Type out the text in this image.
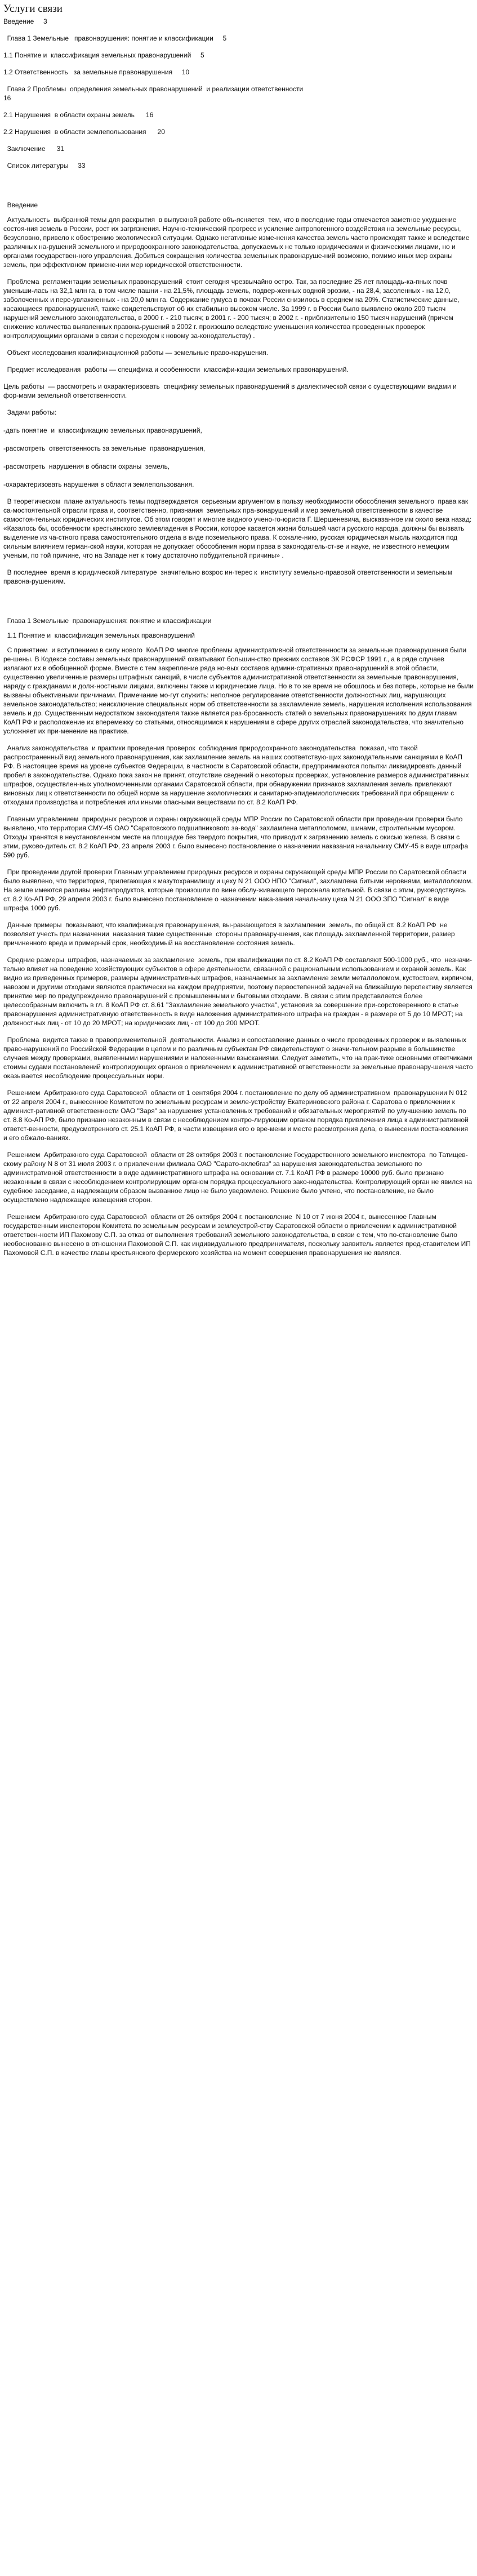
Услуги связи

Введение     3

Глава 1 Земельные   правонарушения: понятие и классификации     5

1.1 Понятие и  классификация земельных правонарушений     5

1.2 Ответственность   за земельные правонарушения     10

Глава 2 Проблемы  определения земельных правонарушений  и реализации ответственности
16

2.1 Нарушения  в области охраны земель      16

2.2 Нарушения  в области землепользования      20

Заключение      31

Список литературы     33

Введение

Актуальность  выбранной темы для раскрытия  в выпускной работе объ-ясняется  тем, что в последние годы отмечается заметное ухудшение состоя-ния земель в России, рост их загрязнения. Научно-технический прогресс и усиление антропогенного воздействия на земельные ресурсы, безусловно, привело к обострению экологической ситуации. Однако негативные изме-нения качества земель часто происходят также и вследствие различных на-рушений земельного и природоохранного законодательства, допускаемых не только юридическими и физическими лицами, но и органами государствен-ного управления. Добиться сокращения количества земельных правонаруше-ний возможно, помимо иных мер охраны земель, при эффективном примене-нии мер юридической ответственности.

Проблема  регламентации земельных правонарушений  стоит сегодня чрезвычайно остро. Так, за последние 25 лет площадь-ка-пных почв уменьши-лась на 32,1 млн га, в том числе пашни - на 21,5%, площадь земель, подвер-женных водной эрозии, - на 28,4, засоленных - на 12,0, заболоченных и пере-увлажненных - на 20,0 млн га. Содержание гумуса в почвах России снизилось в среднем на 20%. Статистические данные, касающиеся правонарушений, также свидетельствуют об их стабильно высоком числе. За 1999 г. в России было выявлено около 200 тысяч нарушений земельного законодательства, в 2000 г. - 210 тысяч; в 2001 г. - 200 тысяч; в 2002 г. - приблизительно 150 тысяч нарушений (причем снижение количества выявленных правона-рушений в 2002 г. произошло вследствие уменьшения количества проведенных проверок контролирующими органами в связи с переходом к новому за-конодательству) .

Объект исследования квалификационной работы — земельные право-нарушения.

Предмет исследования  работы — специфика и особенности  классифи-кации земельных правонарушений.

Цель работы  — рассмотреть и охарактеризовать  специфику земельных правонарушений в диалектической связи с существующими видами и фор-мами земельной ответственности.

Задачи работы:

-дать понятие  и  классификацию земельных правонарушений,

-рассмотреть  ответственность за земельные  правонарушения,

-рассмотреть  нарушения в области охраны  земель,

-охарактеризовать нарушения в области землепользования.

В теоретическом  плане актуальность темы подтверждается  серьезным аргументом в пользу необходимости обособления земельного  права как са-мостоятельной отрасли права и, соответственно, признания  земельных пра-вонарушений и мер земельной ответственности в качестве самостоя-тельных юридических институтов. Об этом говорят и многие видного учено-го-юриста Г. Шершеневича, высказанное им около века назад: «Казалось бы, особенности крестьянского землевладения в России, которое касается жизни большей части русского народа, должны бы вызвать выделение из ча-стного права самостоятельного отдела в виде поземельного права. К сожале-нию, русская юридическая мысль находится под сильным влиянием герман-ской науки, которая не допускает обособления норм права в законодатель-ст-ве и науке, не известного немецким ученым, по той причине, что на Западе нет к тому достаточно побудительной причины» .

В последнее  время в юридической литературе  значительно возрос ин-терес к  институту земельно-правовой ответственности и земельным правона-рушениям.

Глава 1 Земельные  правонарушения: понятие и классификации

1.1 Понятие и  классификация земельных правонарушений

С принятием  и вступлением в силу нового  КоАП РФ многие проблемы административной ответственности за земельные правонарушения были ре-шены. В Кодексе составы земельных правонарушений охватывают большин-ство прежних составов ЗК РСФСР 1991 г., а в ряде случаев излагают их в обобщенной форме. Вместе с тем закрепление ряда но-вых составов админи-стративных правонарушений в этой области, существенно увеличенные размеры штрафных санкций, в числе субъектов административной ответственности за земельные правонарушения, наряду с гражданами и долж-ностными лицами, включены также и юридические лица. Но в то же время не обошлось и без потерь, которые не были вызваны объективными причинами. Примечание мо-гут служить: неполное регулирование ответственности должностных лиц, нарушающих земельное законодательство; неисключение специальных норм об ответственности за захламление земель, нарушения исполнения использования земель и др. Существенным недостатком законодателя также является раз-бросанность статей о земельных правонарушениях по двум главам КоАП РФ и расположение их вперемежку со статьями, относящимися к нарушениям в сфере других отраслей законодательства, что значительно усложняет их при-менение на практике.

Анализ законодательства  и практики проведения проверок  соблюдения природоохранного законодательства  показал, что такой распространенный вид земельного правонарушения, как захламление земель на наших соответствую-щих законодательными санкциями в КоАП РФ. В настоящее время на уровне субъектов Федерации, в частности в Саратовской области, предпринимаются попытки ликвидировать данный пробел в законодательстве. Однако пока закон не принят, отсутствие сведений о некоторых проверках, установление размеров административных штрафов, осуществлен-ных уполномоченными органами Саратовской области, при обнаружении признаков захламления земель привлекают виновных лиц к ответственности по общей норме за нарушение экологических и санитарно-эпидемиологических требований при обращении с отходами производства и потребления или иными опасными веществами по ст. 8.2 КоАП РФ.

Главным управлением  природных ресурсов и охраны окружающей среды МПР России по Саратовской области при проведении проверки было выявлено, что территория СМУ-45 ОАО "Саратовского подшипникового за-вода" захламлена металлоломом, шинами, строительным мусором. Отходы хранятся в неустановленном месте на площадке без твердого покрытия, что приводит к загрязнению земель с окисью железа. В связи с этим, руково-дитель ст. 8.2 КоАП РФ, 23 апреля 2003 г. было вынесено постановление о назначении наказания начальнику СМУ-45 в виде штрафа 590 руб.

При проведении другой проверки Главным управлением природных ресурсов и охраны окружающей среды МПР России по Саратовской области было выявлено, что территория, прилегающая к мазутохранилищу и цеху N 21 ООО НПО "Сигнал", захламлена битыми неровнями, металлоломом. На земле имеются разливы нефтепродуктов, которые произошли по вине обслу-живающего персонала котельной. В связи с этим, руководствуясь ст. 8.2 Ко-АП РФ, 29 апреля 2003 г. было вынесено постановление о назначении нака-зания начальнику цеха N 21 ООО ЗПО "Сигнал" в виде штрафа 1000 руб.

Данные примеры  показывают, что квалификация правонарушения, вы-ражающегося в захламлении  земель, по общей ст. 8.2 КоАП РФ  не позволяет учесть при назначении  наказания такие существенные  стороны правонару-шения, как площадь захламленной территории, размер причиненного вреда и примерный срок, необходимый на восстановление состояния земель.

Средние размеры  штрафов, назначаемых за захламление  земель, при квалификации по ст. 8.2 КоАП РФ составляют 500-1000 руб., что  незначи-тельно влияет на поведение хозяйствующих субъектов в сфере деятельности, связанной с рациональным использованием и охраной земель. Как видно из приведенных примеров, размеры административных штрафов, назначаемых за захламление земли металлоломом, кустостоем, кирпичом, навозом и другими отходами являются практически на каждом предприятии, поэтому первостепенной задачей на ближайшую перспективу является принятие мер по предупреждению правонарушений с промышленными и бытовыми отходами. В связи с этим представляется более целесообразным включить в гл. 8 КоАП РФ ст. 8.61 "Захламление земельного участка", установив за совершение при-сорстоверенного в статье правонарушения административную ответственность в виде наложения административного штрафа на граждан - в размере от 5 до 10 МРОТ; на должностных лиц - от 10 до 20 МРОТ; на юридических лиц - от 100 до 200 МРОТ.

Проблема  видится также в правоприменительной  деятельности. Анализ и сопоставление данных о числе проведенных проверок и выявленных право-нарушений по Российской Федерации в целом и по различным субъектам РФ свидетельствуют о значи-тельном разрыве в большинстве случаев между проверками, выявленными нарушениями и наложенными взысканиями. Следует заметить, что на прак-тике основными ответчиками стоимы судами постановлений контролирующих органов о привлечении к административной ответственности за земельные правонару-шения часто оказывается несоблюдение процессуальных норм.

Решением  Арбитражного суда Саратовской  области от 1 сентября 2004 г. постановление по делу об административном  правонарушении N 012 от 22 апреля 2004 г., вынесенное Комитетом по земельным ресурсам и земле-устройству Екатериновского района г. Саратова о привлечении к админист-ративной ответственности ОАО "Заря" за нарушения установленных требований и обязательных мероприятий по улучшению земель по ст. 8.8 Ко-АП РФ, было признано незаконным в связи с несоблюдением контро-лирующим органом порядка привлечения лица к административной ответст-венности, предусмотренного ст. 25.1 КоАП РФ, в части извещения его о вре-мени и месте рассмотрения дела, о вынесении постановления и его обжало-ваниях.

Решением  Арбитражного суда Саратовской  области от 28 октября 2003 г. постановление Государственного земельного инспектора  по Татищев-скому району N 8 от 31 июля 2003 г. о привлечении филиала ОАО "Сарато-вхлебгаз" за нарушения законодательства земельного по административной ответственности в виде административного штрафа на основании ст. 7.1 КоАП РФ в размере 10000 руб. было признано незаконным в связи с несоблюдением контролирующим органом порядка процессуального зако-нодательства. Контролирующий орган не явился на судебное заседание, а надлежащим образом вызванное лицо не было уведомлено. Решение было учтено, что постановление, не было осуществлено надлежащее извещения сторон.

Решением  Арбитражного суда Саратовской  области от 26 октября 2004 г. постановление  N 10 от 7 июня 2004 г., вынесенное Главным  государственным инспектором Комитета по земельным ресурсам и землеустрой-ству Саратовской области о привлечении к административной ответствен-ности ИП Пахомову С.П. за отказ от выполнения требований земельного законодательства, в связи с тем, что по-становление было необоснованно вынесено в отношении Пахомовой С.П. как индивидуального предпринимателя, поскольку заявитель является пред-ставителем ИП Пахомовой С.П. в качестве главы крестьянского фермерского хозяйства на момент совершения правонарушения не являлся.
